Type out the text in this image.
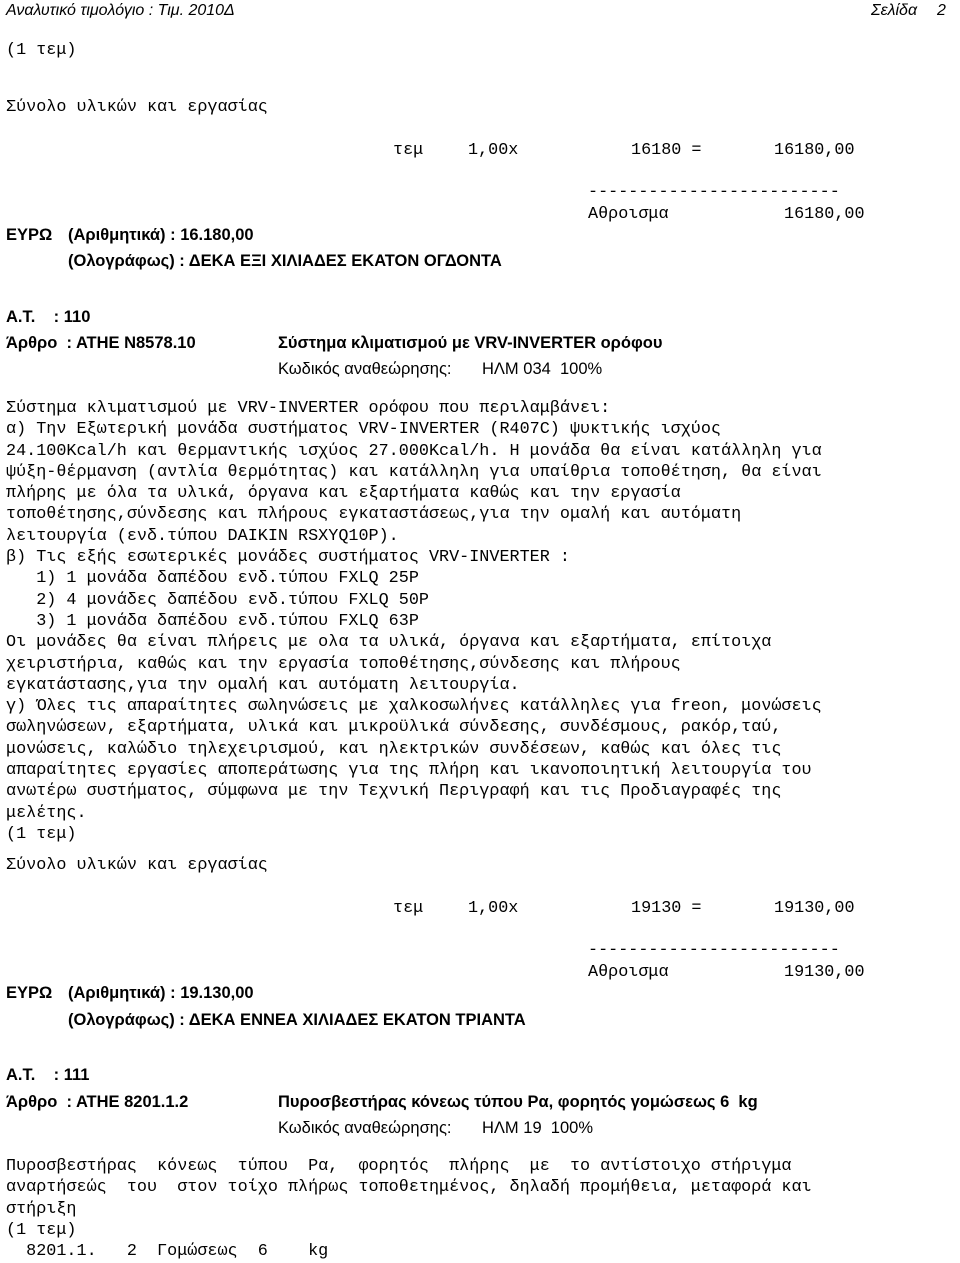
Αναλυτικό τιμολόγιο : Τιμ. 2010Δ	Σελίδα 2
(1 τεμ)
Σύνολο υλικών και εργασίας
τεμ	1,00x	16180 =	16180,00
-------------------------
Αθροισμα	16180,00
ΕΥΡΩ (Αριθμητικά) : 16.180,00
(Ολογράφως) : ΔΕΚΑ ΕΞΙ ΧΙΛΙΑΔΕΣ ΕΚΑΤΟΝ ΟΓΔΟΝΤΑ
Α.Τ.    : 110
Άρθρο  : ΑΤΗΕ Ν8578.10	Σύστημα κλιματισμού με VRV-INVERTER ορόφου
Κωδικός αναθεώρησης: ΗΛΜ 034  100%
Σύστημα κλιματισμού με VRV-INVERTER ορόφου που περιλαμβάνει:
α) Την Εξωτερική μονάδα συστήματος VRV-INVERTER (R407C) ψυκτικής ισχύος
24.100Kcal/h και θερμαντικής ισχύος 27.000Kcal/h. Η μονάδα θα είναι κατάλληλη για
ψύξη-θέρμανση (αντλία θερμότητας) και κατάλληλη για υπαίθρια τοποθέτηση, θα είναι
πλήρης με όλα τα υλικά, όργανα και εξαρτήματα καθώς και την εργασία
τοποθέτησης,σύνδεσης και πλήρους εγκαταστάσεως,για την ομαλή και αυτόματη
λειτουργία (ενδ.τύπου DAIKIN RSXYQ10P).
β) Τις εξής εσωτερικές μονάδες συστήματος VRV-INVERTER :
1) 1 μονάδα δαπέδου ενδ.τύπου FXLQ 25P
2) 4 μονάδες δαπέδου ενδ.τύπου FXLQ 50P
3) 1 μονάδα δαπέδου ενδ.τύπου FXLQ 63P
Οι μονάδες θα είναι πλήρεις με ολα τα υλικά, όργανα και εξαρτήματα, επίτοιχα
χειριστήρια, καθώς και την εργασία τοποθέτησης,σύνδεσης και πλήρους
εγκατάστασης,για την ομαλή και αυτόματη λειτουργία.
γ) Όλες τις απαραίτητες σωληνώσεις με χαλκοσωλήνες κατάλληλες για freon, μονώσεις
σωληνώσεων, εξαρτήματα, υλικά και μικροϋλικά σύνδεσης, συνδέσμους, ρακόρ,ταύ,
μονώσεις, καλώδιο τηλεχειρισμού, και ηλεκτρικών συνδέσεων, καθώς και όλες τις
απαραίτητες εργασίες αποπεράτωσης για της πλήρη και ικανοποιητική λειτουργία του
ανωτέρω συστήματος, σύμφωνα με την Τεχνική Περιγραφή και τις Προδιαγραφές της
μελέτης.
(1 τεμ)
Σύνολο υλικών και εργασίας
τεμ	1,00x	19130 =	19130,00
-------------------------
Αθροισμα	19130,00
ΕΥΡΩ (Αριθμητικά) : 19.130,00
(Ολογράφως) : ΔΕΚΑ ΕΝΝΕΑ ΧΙΛΙΑΔΕΣ ΕΚΑΤΟΝ ΤΡΙΑΝΤΑ
Α.Τ.    : 111
Άρθρο  : ΑΤΗΕ 8201.1.2	Πυροσβεστήρας κόνεως τύπου Ρα, φορητός γομώσεως 6  kg
Κωδικός αναθεώρησης: ΗΛΜ 19  100%
Πυροσβεστήρας  κόνεως  τύπου  Ρα,  φορητός  πλήρης  με  το αντίστοιχο στήριγμα
αναρτήσεώς  του  στον τοίχο πλήρως τοποθετημένος, δηλαδή προμήθεια, μεταφορά και
στήριξη
(1 τεμ)
8201.1.   2  Γομώσεως  6    kg
